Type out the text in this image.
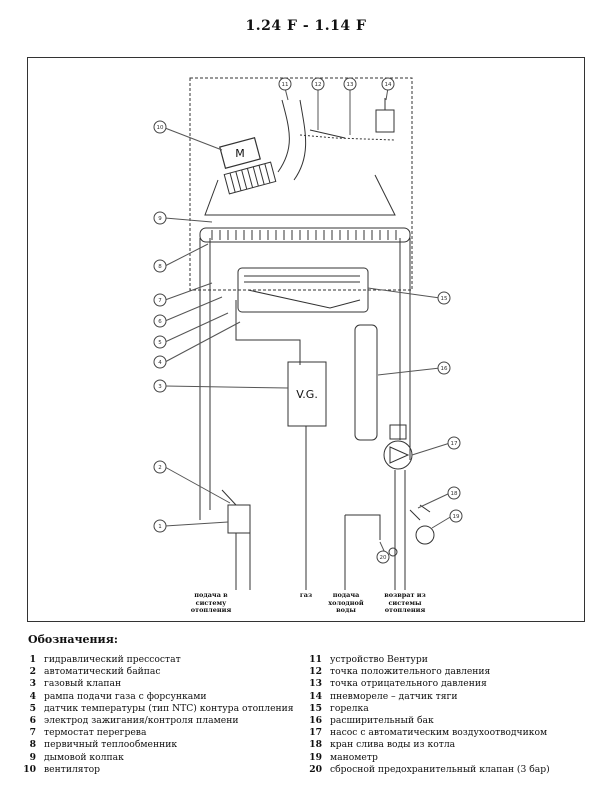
1.24 F - 1.14 F
10
9
8
7
6
5
4
3
2
1
11	12	13	14
15
16
17
18
19
20
M
V.G.
подача в
систему
отопления
газ	подача
холодной
воды
возврат из
системы
отопления
Обозначения:
1 гидравлический прессостат
2 автоматический байпас
3 газовый клапан
4 рампа подачи газа с форсунками
5 датчик температуры (тип NTC) контура отопления
6 электрод зажигания/контроля пламени
7 термостат перегрева
8 первичный теплообменник
9 дымовой колпак
10 вентилятор
11 устройство Вентури
12 точка положительного давления
13 точка отрицательного давления
14 пневмореле – датчик тяги
15 горелка
16 расширительный бак
17 насос с автоматическим воздухоотводчиком
18 кран слива воды из котла
19 манометр
20 сбросной предохранительный клапан (3 бар)
